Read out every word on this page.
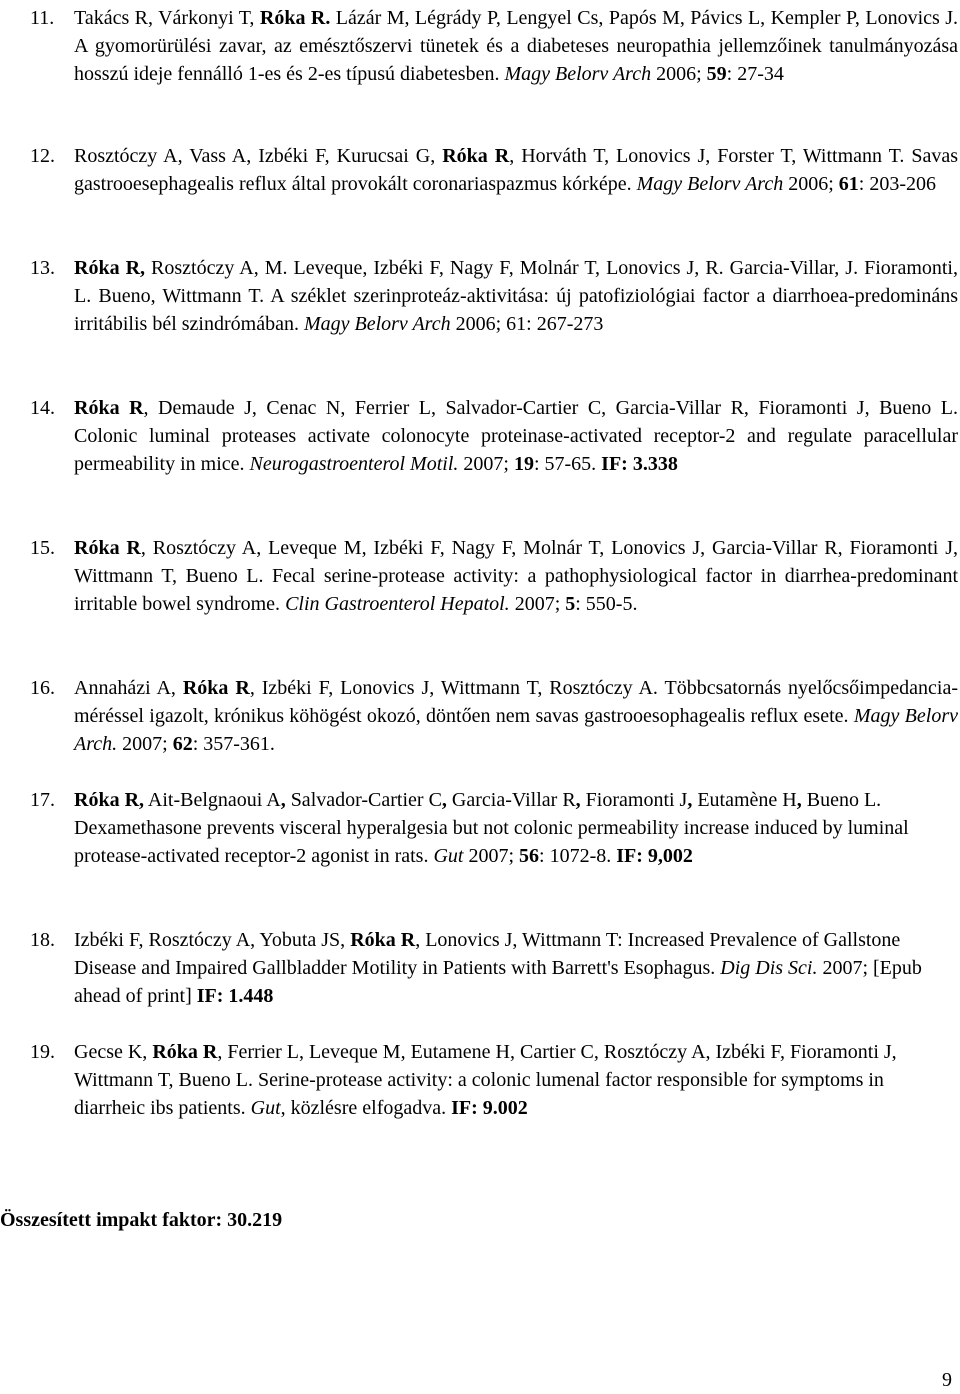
11. Takács R, Várkonyi T, Róka R. Lázár M, Légrády P, Lengyel Cs, Papós M, Pávics L, Kempler P, Lonovics J. A gyomorürülési zavar, az emésztőszervi tünetek és a diabeteses neuropathia jellemzőinek tanulmányozása hosszú ideje fennálló 1-es és 2-es típusú diabetesben. Magy Belorv Arch 2006; 59: 27-34
12. Rosztóczy A, Vass A, Izbéki F, Kurucsai G, Róka R, Horváth T, Lonovics J, Forster T, Wittmann T. Savas gastrooesephagealis reflux által provokált coronariaspazmus kórképe. Magy Belorv Arch 2006; 61: 203-206
13. Róka R, Rosztóczy A, M. Leveque, Izbéki F, Nagy F, Molnár T, Lonovics J, R. Garcia-Villar, J. Fioramonti, L. Bueno, Wittmann T. A széklet szerinproteáz-aktivitása: új patofiziológiai factor a diarrhoea-predomináns irritábilis bél szindrómában. Magy Belorv Arch 2006; 61: 267-273
14. Róka R, Demaude J, Cenac N, Ferrier L, Salvador-Cartier C, Garcia-Villar R, Fioramonti J, Bueno L. Colonic luminal proteases activate colonocyte proteinase-activated receptor-2 and regulate paracellular permeability in mice. Neurogastroenterol Motil. 2007; 19: 57-65. IF: 3.338
15. Róka R, Rosztóczy A, Leveque M, Izbéki F, Nagy F, Molnár T, Lonovics J, Garcia-Villar R, Fioramonti J, Wittmann T, Bueno L. Fecal serine-protease activity: a pathophysiological factor in diarrhea-predominant irritable bowel syndrome. Clin Gastroenterol Hepatol. 2007; 5: 550-5.
16. Annaházi A, Róka R, Izbéki F, Lonovics J, Wittmann T, Rosztóczy A. Többcsatornás nyelőcsőimpedancia-méréssel igazolt, krónikus köhögést okozó, döntően nem savas gastrooesophagealis reflux esete. Magy Belorv Arch. 2007; 62: 357-361.
17. Róka R, Ait-Belgnaoui A, Salvador-Cartier C, Garcia-Villar R, Fioramonti J, Eutamène H, Bueno L. Dexamethasone prevents visceral hyperalgesia but not colonic permeability increase induced by luminal protease-activated receptor-2 agonist in rats. Gut 2007; 56: 1072-8. IF: 9,002
18. Izbéki F, Rosztóczy A, Yobuta JS, Róka R, Lonovics J, Wittmann T: Increased Prevalence of Gallstone Disease and Impaired Gallbladder Motility in Patients with Barrett's Esophagus. Dig Dis Sci. 2007; [Epub ahead of print] IF: 1.448
19. Gecse K, Róka R, Ferrier L, Leveque M, Eutamene H, Cartier C, Rosztóczy A, Izbéki F, Fioramonti J, Wittmann T, Bueno L. Serine-protease activity: a colonic lumenal factor responsible for symptoms in diarrheic ibs patients. Gut, közlésre elfogadva. IF: 9.002
Összesített impakt faktor: 30.219
9
